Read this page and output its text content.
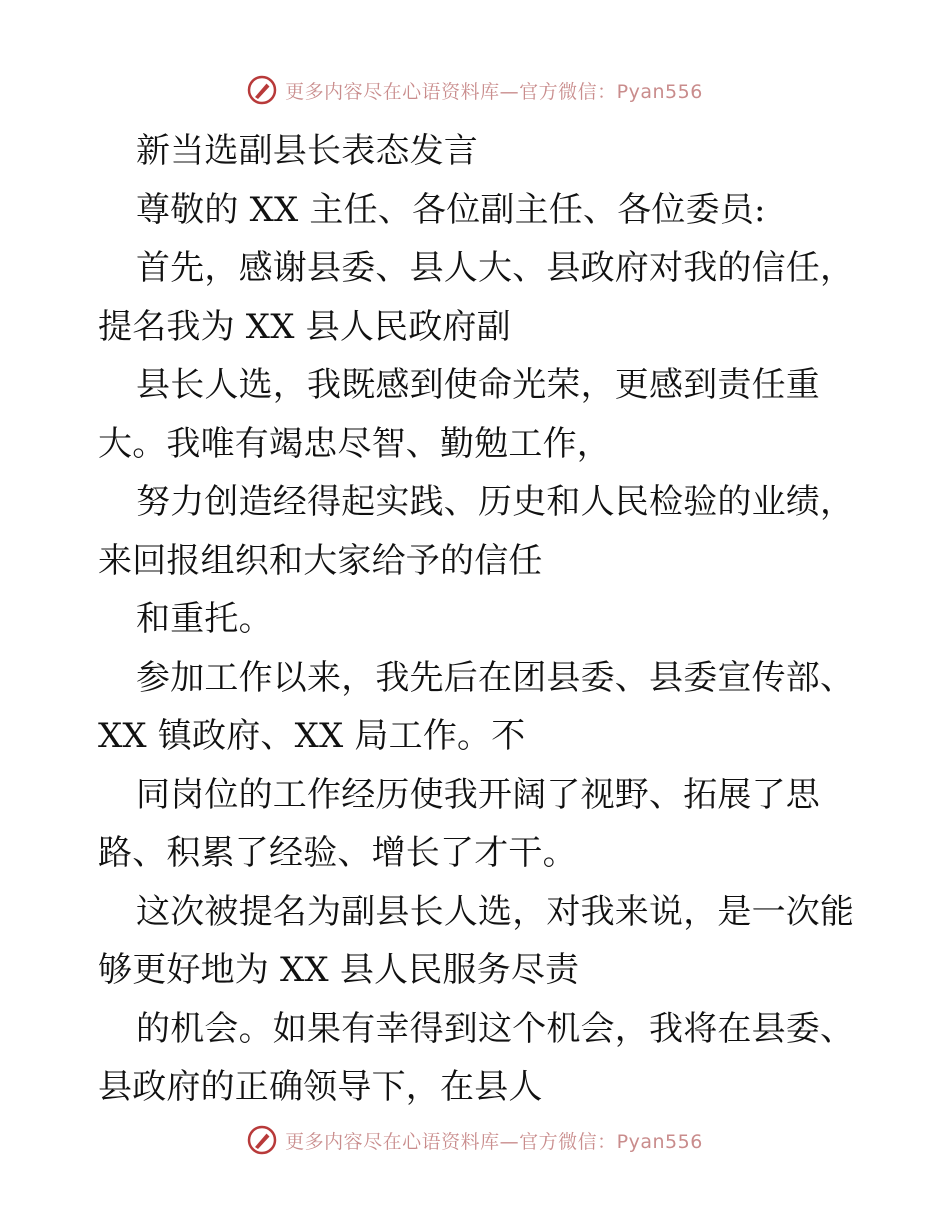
更多内容尽在心语资料库—官方微信：Pyan556
新当选副县长表态发言
尊敬的 XX 主任、各位副主任、各位委员:
首先，感谢县委、县人大、县政府对我的信任，
提名我为 XX 县人民政府副
县长人选，我既感到使命光荣，更感到责任重
大。我唯有竭忠尽智、勤勉工作，
努力创造经得起实践、历史和人民检验的业绩，
来回报组织和大家给予的信任
和重托。
参加工作以来，我先后在团县委、县委宣传部、
XX 镇政府、XX 局工作。不
同岗位的工作经历使我开阔了视野、拓展了思
路、积累了经验、增长了才干。
这次被提名为副县长人选，对我来说，是一次能
够更好地为 XX 县人民服务尽责
的机会。如果有幸得到这个机会，我将在县委、
县政府的正确领导下，在县人
更多内容尽在心语资料库—官方微信：Pyan556
